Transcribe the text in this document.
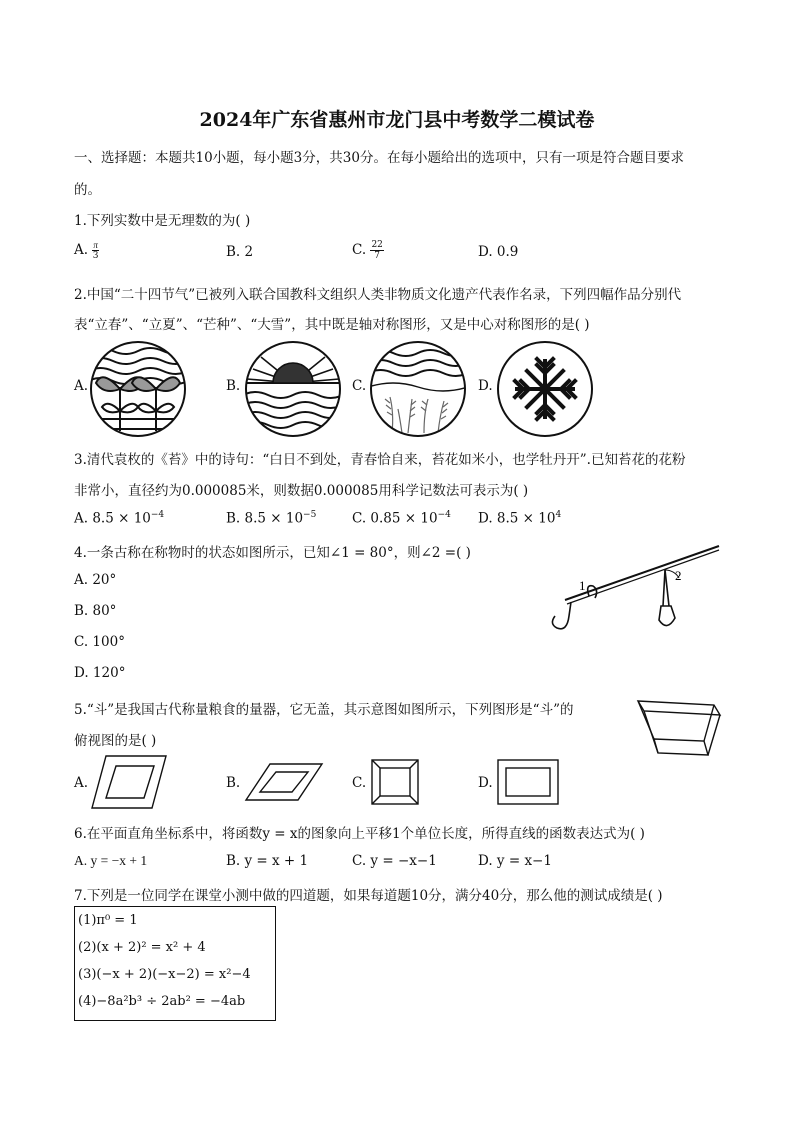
2024年广东省惠州市龙门县中考数学二模试卷
一、选择题：本题共10小题，每小题3分，共30分。在每小题给出的选项中，只有一项是符合题目要求
的。
1.下列实数中是无理数的为( )
A. $\frac{\pi}{3}$	B. 2	C. $\frac{22}{7}$	D. 0.9
2.中国“二十四节气”已被列入联合国教科文组织人类非物质文化遗产代表作名录，下列四幅作品分别代
表“立春”、“立夏”、“芒种”、“大雪”，其中既是轴对称图形，又是中心对称图形的是( )
A.	B.	C.	D.
3.清代袁枚的《苔》中的诗句：“白日不到处，青春恰自来，苔花如米小，也学牡丹开”.已知苔花的花粉
非常小，直径约为0.000085米，则数据0.000085用科学记数法可表示为( )
A. $8.5 \times 10^{-4}$	B. $8.5 \times 10^{-5}$	C. $0.85 \times 10^{-4}$ D. $8.5 \times 10^4$
4.一条古称在称物时的状态如图所示，已知∠1 = 80°，则∠2 =( )
A. 20°
B. 80°
C. 100°
D. 120°
1
2
5.“斗”是我国古代称量粮食的量器，它无盖，其示意图如图所示，下列图形是“斗”的
俯视图的是( )
A.	B.	C.	D.
6.在平面直角坐标系中，将函数y = x的图象向上平移1个单位长度，所得直线的函数表达式为( )
A. y = −x + 1	B. y = x + 1	C. y = −x−1	D. y = x−1
7.下列是一位同学在课堂小测中做的四道题，如果每道题10分，满分40分，那么他的测试成绩是( )
(1)π⁰ = 1
(2)(x + 2)² = x² + 4
(3)(−x + 2)(−x−2) = x²−4
(4)−8a²b³ ÷ 2ab² = −4ab
